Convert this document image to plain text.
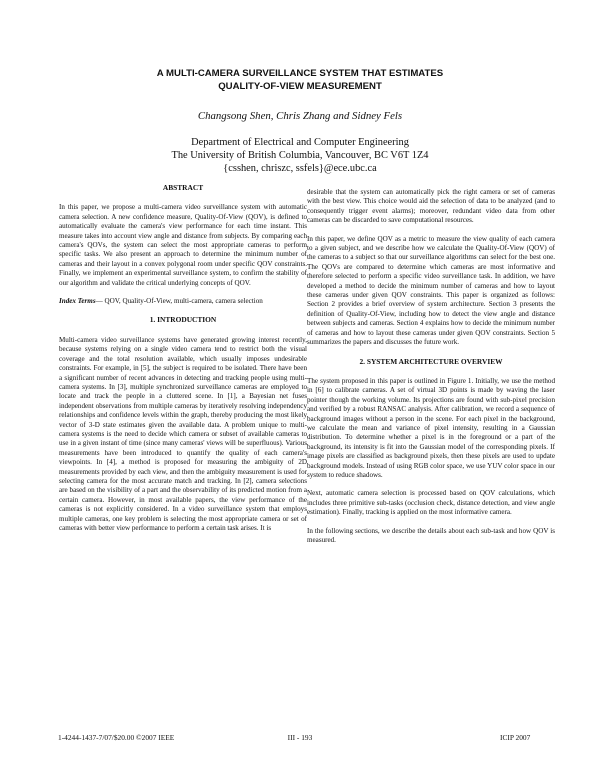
A MULTI-CAMERA SURVEILLANCE SYSTEM THAT ESTIMATES
QUALITY-OF-VIEW MEASUREMENT
Changsong Shen, Chris Zhang and Sidney Fels
Department of Electrical and Computer Engineering
The University of British Columbia, Vancouver, BC V6T 1Z4
{csshen, chriszc, ssfels}@ece.ubc.ca
ABSTRACT

In this paper, we propose a multi-camera video surveillance system with automatic camera selection. A new confidence measure, Quality-Of-View (QOV), is defined to automatically evaluate the camera's view performance for each time instant. This measure takes into account view angle and distance from subjects. By comparing each camera's QOVs, the system can select the most appropriate cameras to perform specific tasks. We also present an approach to determine the minimum number of cameras and their layout in a convex polygonal room under specific QOV constraints. Finally, we implement an experimental surveillance system, to confirm the stability of our algorithm and validate the critical underlying concepts of QOV.

Index Terms— QOV, Quality-Of-View, multi-camera, camera selection

1. INTRODUCTION

Multi-camera video surveillance systems have generated growing interest recently, because systems relying on a single video camera tend to restrict both the visual coverage and the total resolution available, which usually imposes undesirable constraints. For example, in [5], the subject is required to be isolated. There have been a significant number of recent advances in detecting and tracking people using multi-camera systems. In [3], multiple synchronized surveillance cameras are employed to locate and track the people in a cluttered scene. In [1], a Bayesian net fuses independent observations from multiple cameras by iteratively resolving independency relationships and confidence levels within the graph, thereby producing the most likely vector of 3-D state estimates given the available data. A problem unique to multi-camera systems is the need to decide which camera or subset of available cameras to use in a given instant of time (since many cameras' views will be superfluous). Various measurements have been introduced to quantify the quality of each camera's viewpoints. In [4], a method is proposed for measuring the ambiguity of 2D measurements provided by each view, and then the ambiguity measurement is used for selecting camera for the most accurate match and tracking. In [2], camera selections are based on the visibility of a part and the observability of its predicted motion from a certain camera. However, in most available papers, the view performance of the cameras is not explicitly considered. In a video surveillance system that employs multiple cameras, one key problem is selecting the most appropriate camera or set of cameras with better view performance to perform a certain task arises. It is

desirable that the system can automatically pick the right camera or set of cameras with the best view. This choice would aid the selection of data to be analyzed (and to consequently trigger event alarms); moreover, redundant video data from other cameras can be discarded to save computational resources.

In this paper, we define QOV as a metric to measure the view quality of each camera to a given subject, and we describe how we calculate the Quality-Of-View (QOV) of the cameras to a subject so that our surveillance algorithms can select for the best one. The QOVs are compared to determine which cameras are most informative and therefore selected to perform a specific video surveillance task. In addition, we have developed a method to decide the minimum number of cameras and how to layout these cameras under given QOV constraints. This paper is organized as follows: Section 2 provides a brief overview of system architecture. Section 3 presents the definition of Quality-Of-View, including how to detect the view angle and distance between subjects and cameras. Section 4 explains how to decide the minimum number of cameras and how to layout these cameras under given QOV constraints. Section 5 summarizes the papers and discusses the future work.

2. SYSTEM ARCHITECTURE OVERVIEW

The system proposed in this paper is outlined in Figure 1. Initially, we use the method in [6] to calibrate cameras. A set of virtual 3D points is made by waving the laser pointer though the working volume. Its projections are found with sub-pixel precision and verified by a robust RANSAC analysis. After calibration, we record a sequence of background images without a person in the scene. For each pixel in the background, we calculate the mean and variance of pixel intensity, resulting in a Gaussian distribution. To determine whether a pixel is in the foreground or a part of the background, its intensity is fit into the Gaussian model of the corresponding pixels. If image pixels are classified as background pixels, then these pixels are used to update background models. Instead of using RGB color space, we use YUV color space in our system to reduce shadows.

Next, automatic camera selection is processed based on QOV calculations, which includes three primitive sub-tasks (occlusion check, distance detection, and view angle estimation). Finally, tracking is applied on the most informative camera.

In the following sections, we describe the details about each sub-task and how QOV is measured.

1-4244-1437-7/07/$20.00 ©2007 IEEE	III - 193	ICIP 2007
